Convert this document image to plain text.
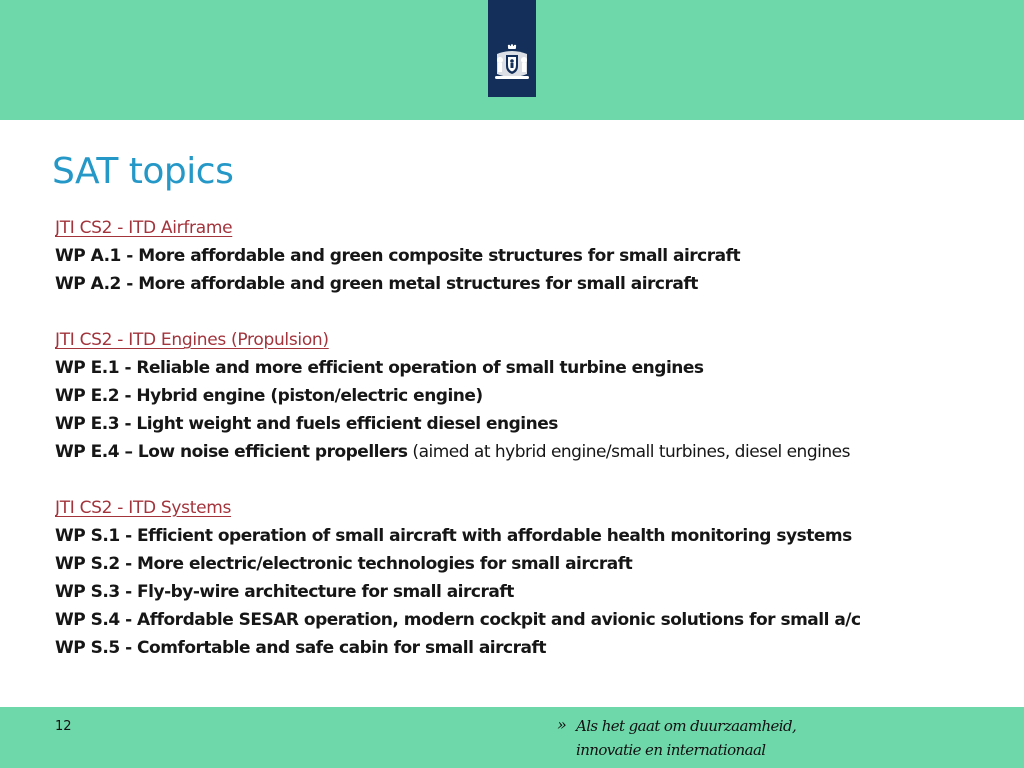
SAT topics
JTI CS2 - ITD Airframe
WP A.1 - More affordable and green composite structures for small aircraft
WP A.2 - More affordable and green metal structures for small aircraft
JTI CS2 - ITD Engines (Propulsion)
WP E.1 - Reliable and more efficient operation of small turbine engines
WP E.2 - Hybrid engine (piston/electric engine)
WP E.3 - Light weight and fuels efficient diesel engines
WP E.4 – Low noise efficient propellers (aimed at hybrid engine/small turbines, diesel engines
JTI CS2 - ITD Systems
WP S.1 - Efficient operation of small aircraft with affordable health monitoring systems
WP S.2 - More electric/electronic technologies for small aircraft
WP S.3 - Fly-by-wire architecture for small aircraft
WP S.4 - Affordable SESAR operation, modern cockpit and avionic solutions for small a/c
WP S.5 - Comfortable and safe cabin for small aircraft
12	» Als het gaat om duurzaamheid,
innovatie en internationaal
